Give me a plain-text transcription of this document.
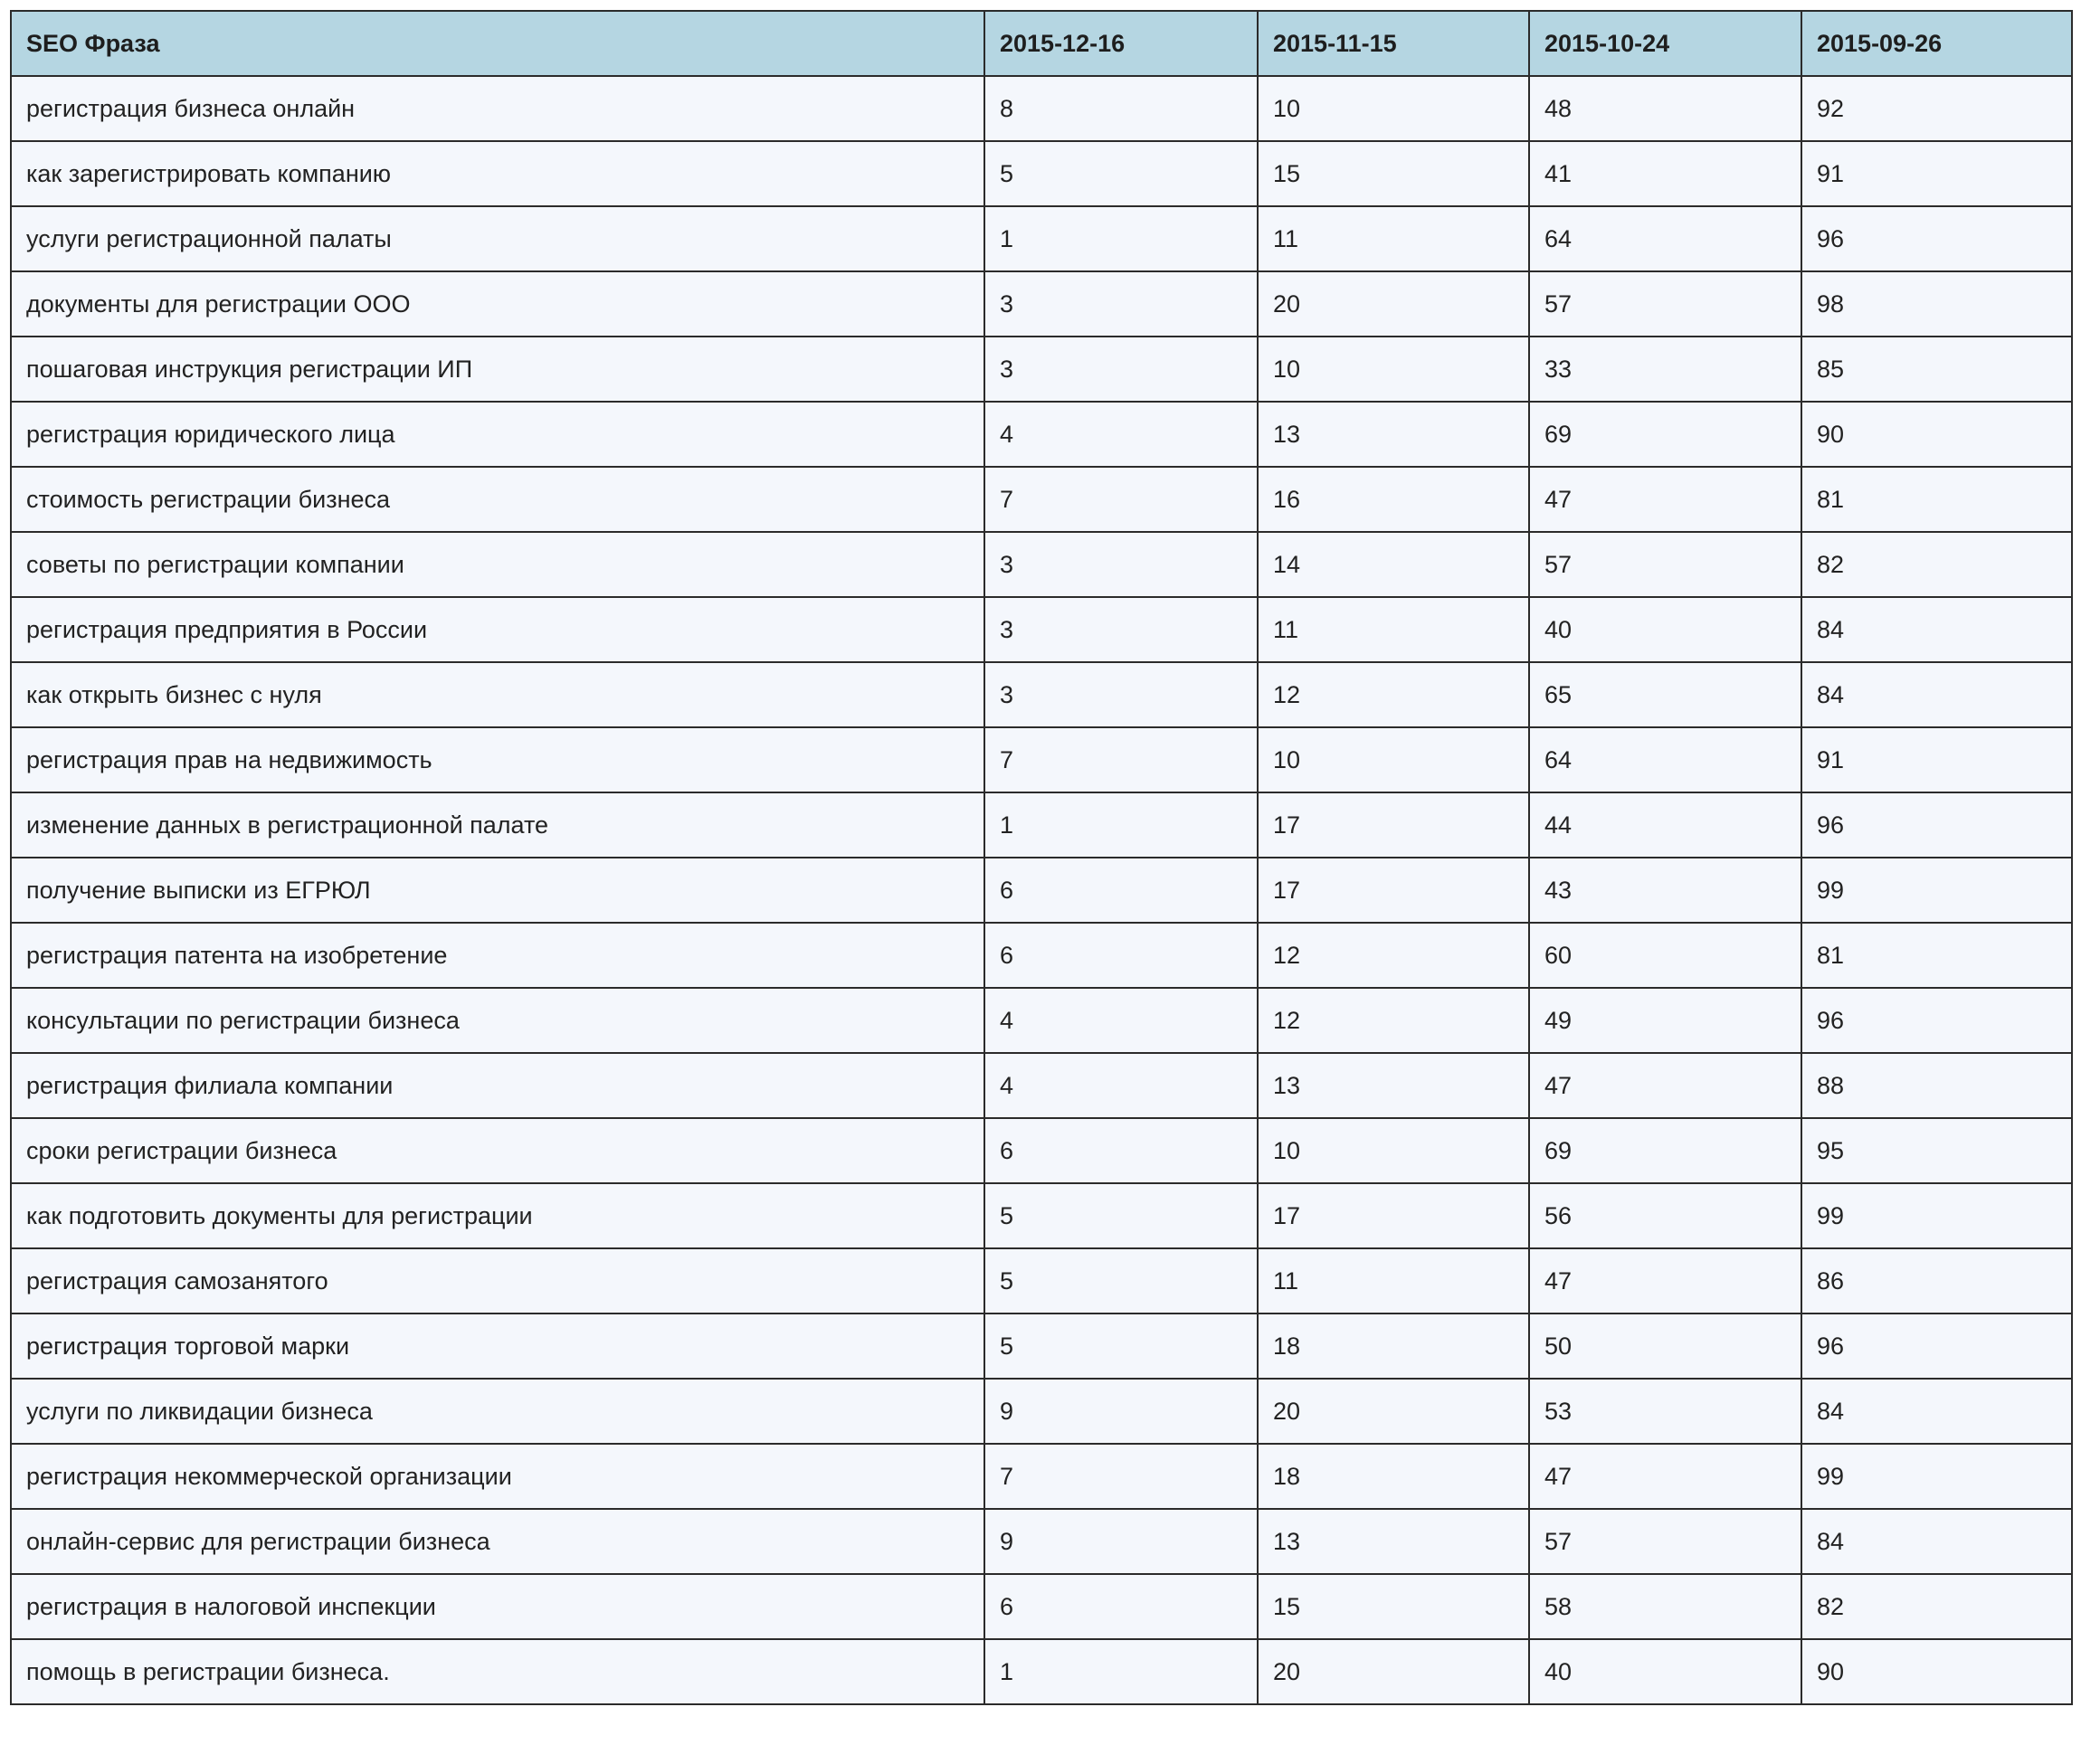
SEO Фраза	2015-12-16	2015-11-15	2015-10-24	2015-09-26
регистрация бизнеса онлайн	8	10	48	92
как зарегистрировать компанию	5	15	41	91
услуги регистрационной палаты	1	11	64	96
документы для регистрации ООО	3	20	57	98
пошаговая инструкция регистрации ИП	3	10	33	85
регистрация юридического лица	4	13	69	90
стоимость регистрации бизнеса	7	16	47	81
советы по регистрации компании	3	14	57	82
регистрация предприятия в России	3	11	40	84
как открыть бизнес с нуля	3	12	65	84
регистрация прав на недвижимость	7	10	64	91
изменение данных в регистрационной палате	1	17	44	96
получение выписки из ЕГРЮЛ	6	17	43	99
регистрация патента на изобретение	6	12	60	81
консультации по регистрации бизнеса	4	12	49	96
регистрация филиала компании	4	13	47	88
сроки регистрации бизнеса	6	10	69	95
как подготовить документы для регистрации	5	17	56	99
регистрация самозанятого	5	11	47	86
регистрация торговой марки	5	18	50	96
услуги по ликвидации бизнеса	9	20	53	84
регистрация некоммерческой организации	7	18	47	99
онлайн-сервис для регистрации бизнеса	9	13	57	84
регистрация в налоговой инспекции	6	15	58	82
помощь в регистрации бизнеса.	1	20	40	90
